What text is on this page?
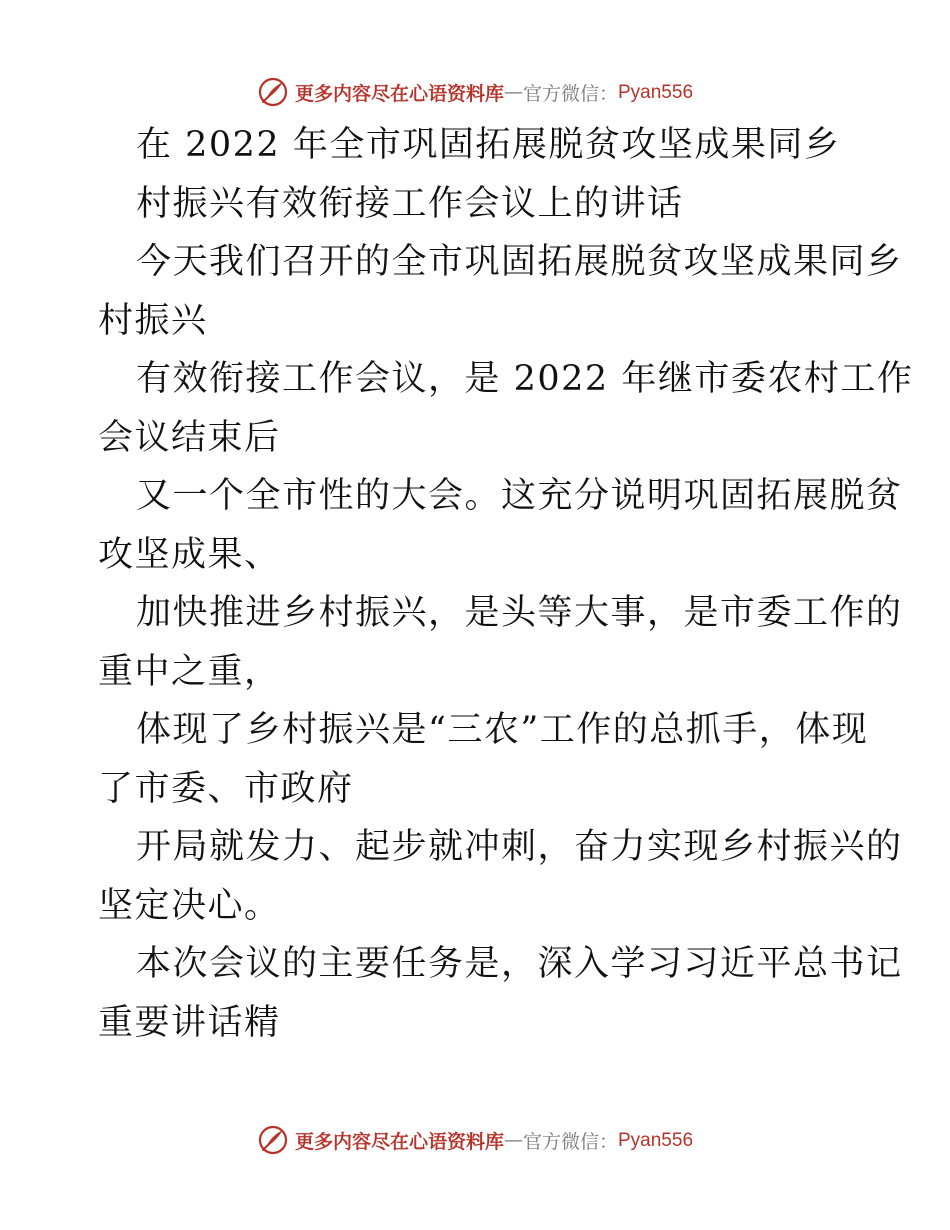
更多内容尽在心语资料库 — 官方微信： Pyan556
在 2022 年全市巩固拓展脱贫攻坚成果同乡
村振兴有效衔接工作会议上的讲话
今天我们召开的全市巩固拓展脱贫攻坚成果同乡
村振兴
有效衔接工作会议，是 2022 年继市委农村工作
会议结束后
又一个全市性的大会。这充分说明巩固拓展脱贫
攻坚成果、
加快推进乡村振兴，是头等大事，是市委工作的
重中之重，
体现了乡村振兴是“三农”工作的总抓手，体现
了市委、市政府
开局就发力、起步就冲刺，奋力实现乡村振兴的
坚定决心。
本次会议的主要任务是，深入学习习近平总书记
重要讲话精
更多内容尽在心语资料库 — 官方微信： Pyan556
